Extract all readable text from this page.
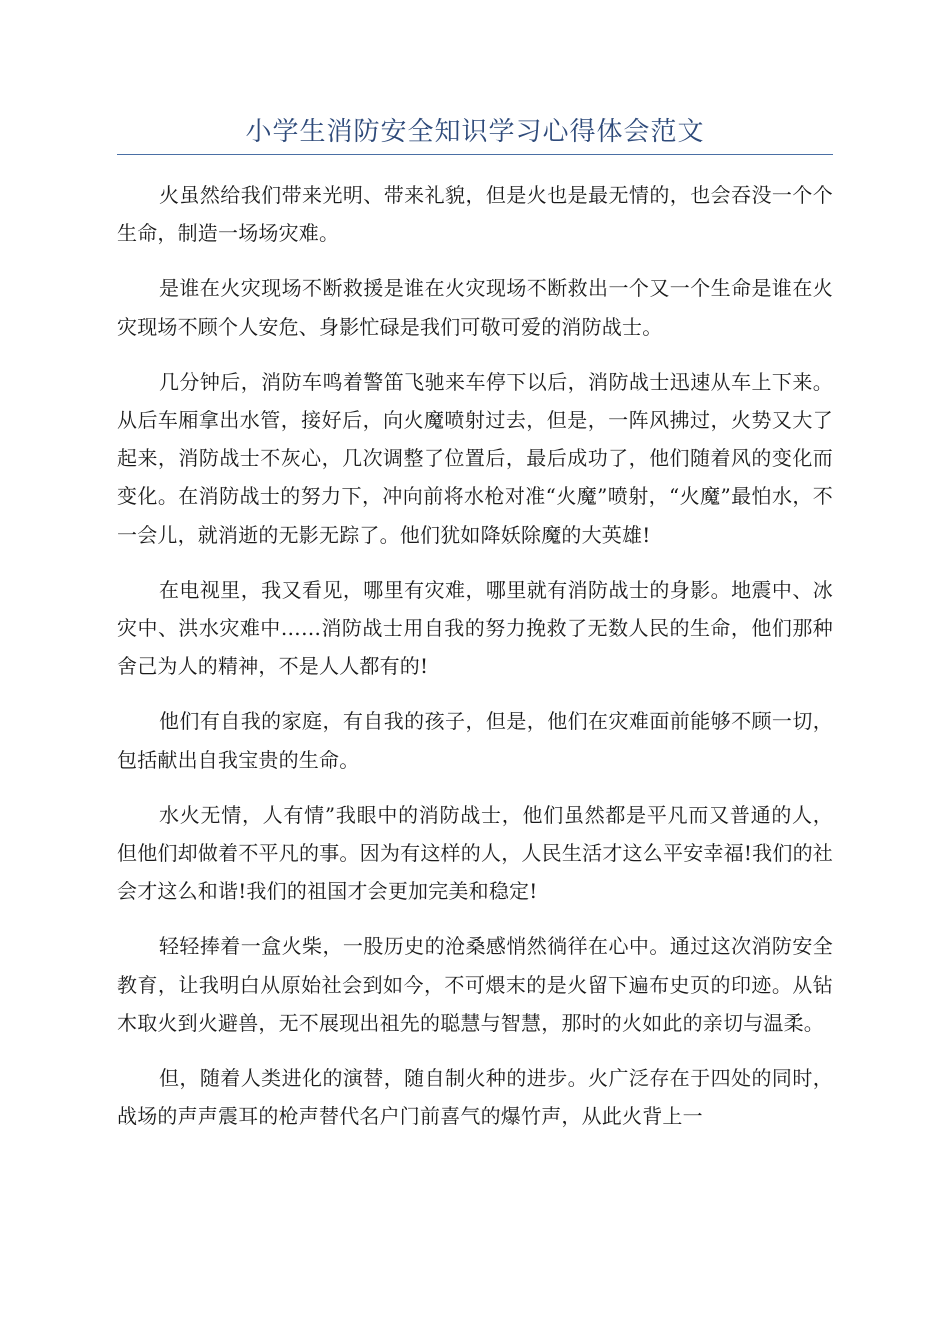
小学生消防安全知识学习心得体会范文

火虽然给我们带来光明、带来礼貌，但是火也是最无情的，也会吞没一个个生命，制造一场场灾难。

是谁在火灾现场不断救援是谁在火灾现场不断救出一个又一个生命是谁在火灾现场不顾个人安危、身影忙碌是我们可敬可爱的消防战士。

几分钟后，消防车鸣着警笛飞驰来车停下以后，消防战士迅速从车上下来。从后车厢拿出水管，接好后，向火魔喷射过去，但是，一阵风拂过，火势又大了起来，消防战士不灰心，几次调整了位置后，最后成功了，他们随着风的变化而变化。在消防战士的努力下，冲向前将水枪对准“火魔”喷射，“火魔”最怕水，不一会儿，就消逝的无影无踪了。他们犹如降妖除魔的大英雄!

在电视里，我又看见，哪里有灾难，哪里就有消防战士的身影。地震中、冰灾中、洪水灾难中……消防战士用自我的努力挽救了无数人民的生命，他们那种舍己为人的精神，不是人人都有的!

他们有自我的家庭，有自我的孩子，但是，他们在灾难面前能够不顾一切，包括献出自我宝贵的生命。

水火无情，人有情”我眼中的消防战士，他们虽然都是平凡而又普通的人，但他们却做着不平凡的事。因为有这样的人，人民生活才这么平安幸福!我们的社会才这么和谐!我们的祖国才会更加完美和稳定!

轻轻捧着一盒火柴，一股历史的沧桑感悄然徜徉在心中。通过这次消防安全教育，让我明白从原始社会到如今，不可煨末的是火留下遍布史页的印迹。从钻木取火到火避兽，无不展现出祖先的聪慧与智慧，那时的火如此的亲切与温柔。

但，随着人类进化的演替，随自制火种的进步。火广泛存在于四处的同时，战场的声声震耳的枪声替代名户门前喜气的爆竹声，从此火背上一
